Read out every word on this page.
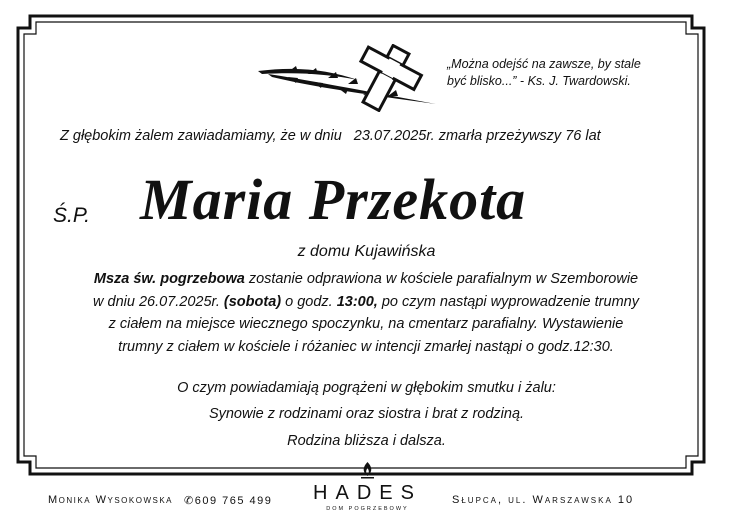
„Można odejść na zawsze, by stale
być blisko...” - Ks. J. Twardowski.
Z głębokim żalem zawiadamiamy, że w dniu 23.07.2025r. zmarła przeżywszy 76 lat
Ś.P. Maria Przekota
z domu Kujawińska
Msza św. pogrzebowa zostanie odprawiona w kościele parafialnym w Szemborowie
w dniu 26.07.2025r. (sobota) o godz. 13:00, po czym nastąpi wyprowadzenie trumny
z ciałem na miejsce wiecznego spoczynku, na cmentarz parafialny. Wystawienie
trumny z ciałem w kościele i różaniec w intencji zmarłej nastąpi o godz.12:30.
O czym powiadamiają pogrążeni w głębokim smutku i żalu:
Synowie z rodzinami oraz siostra i brat z rodziną.
Rodzina bliższa i dalsza.
Monika Wysokowska ✆609 765 499	Słupca, ul. Warszawska 10
HADES
DOM POGRZEBOWY
